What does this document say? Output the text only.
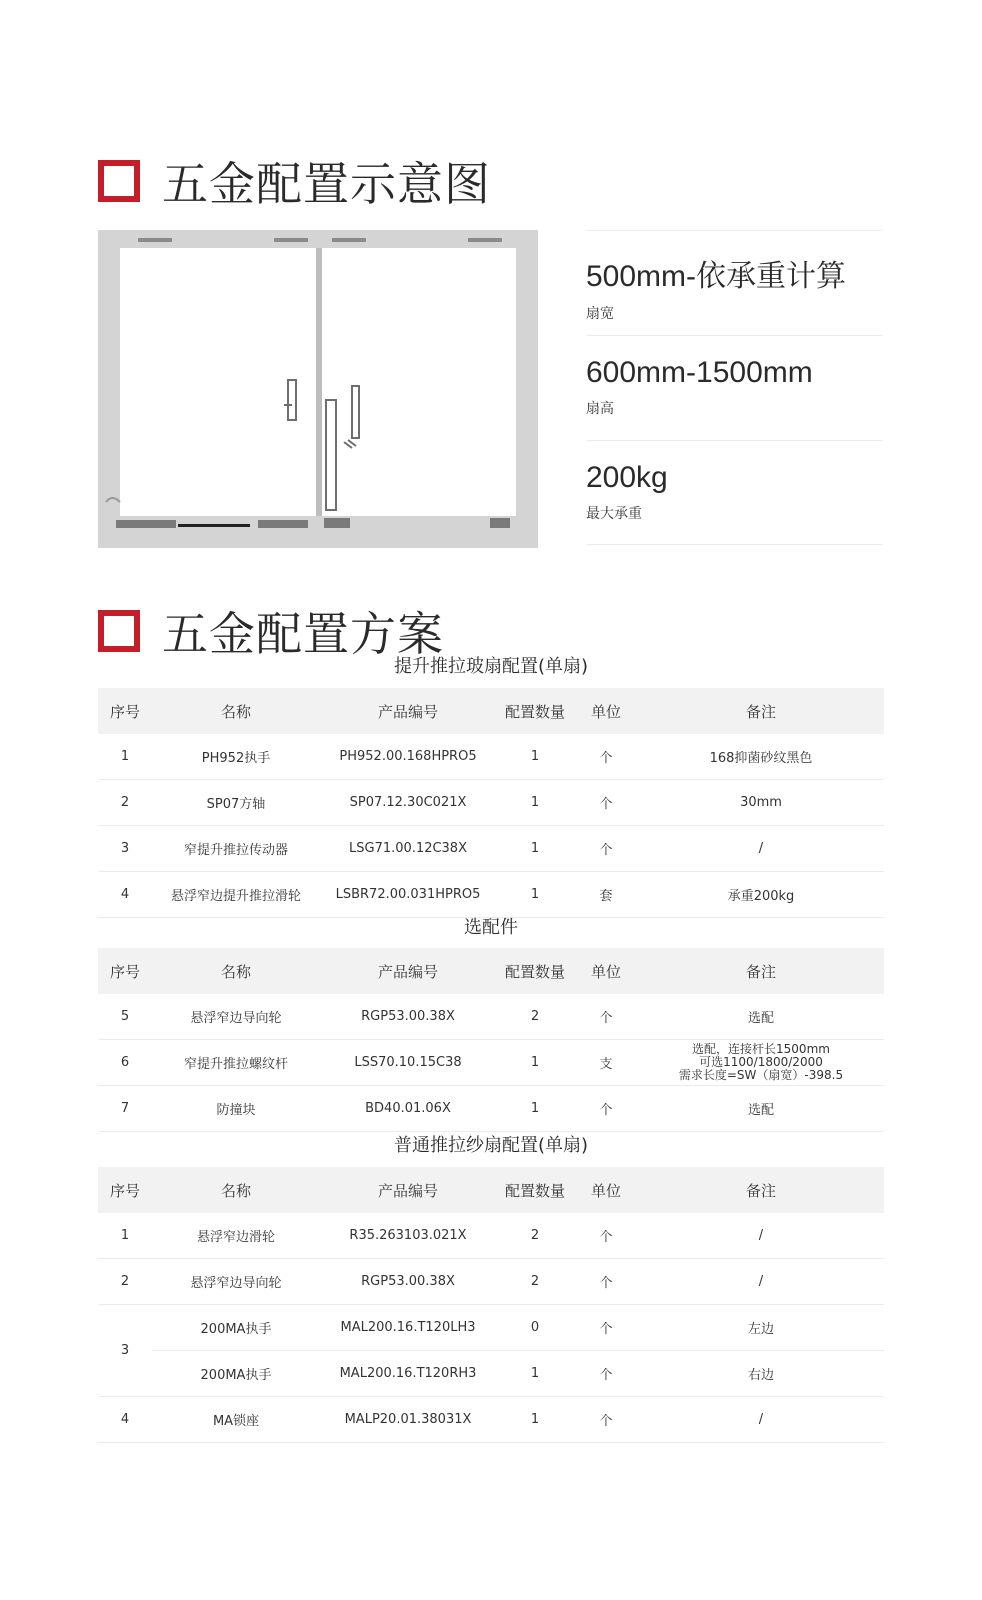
五金配置示意图
500mm-依承重计算
扇宽
600mm-1500mm
扇高
200kg
最大承重
五金配置方案
提升推拉玻扇配置(单扇)
序号	名称	产品编号	配置数量	单位	备注
1	PH952执手	PH952.00.168HPRO5	1	个	168抑菌砂纹黑色
2	SP07方轴	SP07.12.30C021X	1	个	30mm
3	窄提升推拉传动器	LSG71.00.12C38X	1	个	/
4	悬浮窄边提升推拉滑轮	LSBR72.00.031HPRO5	1	套	承重200kg
选配件
序号	名称	产品编号	配置数量	单位	备注
5	悬浮窄边导向轮	RGP53.00.38X	2	个	选配
6	窄提升推拉螺纹杆	LSS70.10.15C38	1	支	选配，连接杆长1500mm
可选1100/1800/2000
需求长度=SW（扇宽）-398.5

7	防撞块	BD40.01.06X	1	个	选配
普通推拉纱扇配置(单扇)
序号	名称	产品编号	配置数量	单位	备注
1	悬浮窄边滑轮	R35.263103.021X	2	个	/
2	悬浮窄边导向轮	RGP53.00.38X	2	个	/
3	200MA执手	MAL200.16.T120LH3	0	个	左边
	200MA执手	MAL200.16.T120RH3	1	个	右边
4	MA锁座	MALP20.01.38031X	1	个	/
